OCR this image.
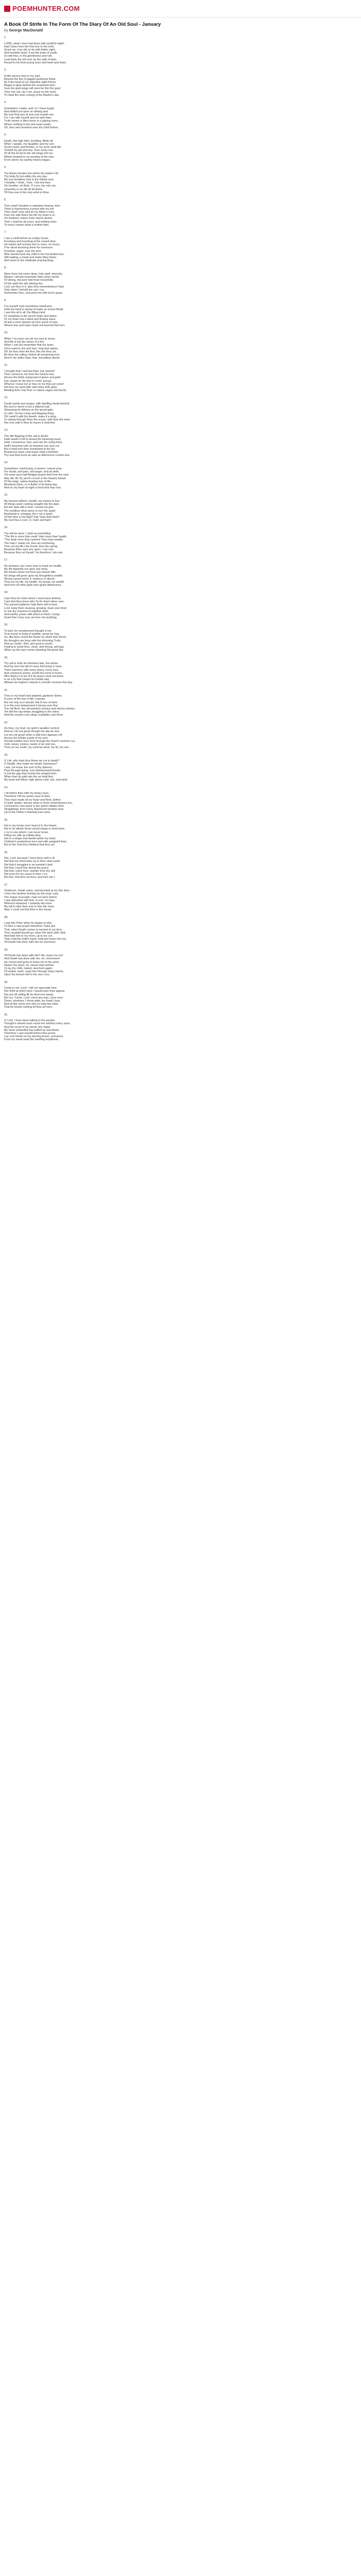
POEMHUNTER.COM
A Book Of Strife In The Form Of The Diary Of An Old Soul - January
by George MacDonald
1.
LORD, what I once had done with youthful might,
Had I been from the first true to the truth,
Grant me, now old, to do with better sight,
And humbler heart, if not the brain of youth;
So wilt thou, in thy gentleness and ruth,
Lead back thy old soul, by the path of pain,
Round to his best-young eyes and heart and brain.
2.
A dim aurora rises in my east,
Beyond the line of jagged quietness flows,
As if the head of our intended night Prince
Began to glow behind the unopened door:
Sure the gold wings will soon be thin the gray!
They rise not. Up I rise, press on the more,
To meet the slow coming of the Master's day.
3.
Sometimes I wake, and, lo! I have forgot,
And drifted out upon an ebbing sea!
My soul that was at rest now resteth not,
For I am with myself and not with thee;
Truth seems a blind moon in a glaring morn,
Where nothing is but sick-heart vanity;
Oh, thou who knowest save thy child forlorn.
4.
Death, like high faith, levelling, lifteth all.
When I awake, my daughter and my son,
Grown sister and brother, in my arms shall fall,
Tenfold my girl and boy. Sure every one
Of all the brood to the old wings will run.
Whole-hearted is my worship of the man
From whom my earthly history began.
5.
Thy fishes breathe but where thy waters roll;
Thy birds fly but within thy airy sea;
My soul breathes only in thy infinite soul;
I breathe, I think, I love, I live but thee.
Oh breathe, oh think, O Love, live into me;
Unworthy is my life till all divine,
Till thou see in the only-what is thine.
6.
Then shall I breathe in sweetest sharing, then
Think in harmonious consort with my kin;
Then shall I love well all my father's men,
Feel one with theirs the life my heart is in,
Oh brothers! sisters holy! hearts divine!
Then I shall be all yours; and nothing mine-
To every human heart a mother-twin.
7.
I see a child before an empty house,
Knocking and knocking at the closed door;
He wakes dull echoes but no voice, no rouse,
If he stood knocking there for evermore.
A mother, angel, over the door
Who should have the child in her hot tenderness,
Still waiting, a meek and ready Mary Rose,
And seem to the obstinate praying thing.
8.
Were there but some deep, holy spell, whereby
Always I should remember thee-some words
Of strong, the poor bird most mournfully
Of the spirit fire still uttering thy-
Lord, we thou in it, take thou remembrance! hast
Only when I behold me can I cry,
Remember thou, and prick me with love's goad.
9.
If to myself! God sometimes interfluent-
Hold my hand in spring of water as mount Moab
I see him all in all, the lifting mind,
Or meadows in the secret miles and plains,
Or my heart has a deep and flowing wave,
At last a more fanned up from some of man,
Whose fear and hope reach out beyond their ken.
10.
When I no more can stir my soul to move,
And life is but the ashes of a fire;
When I can but remember that my heart
Once used to live and love, long and aspire,-
Oh, be thou then the first, the one thou art;
Be thou the calling, before all answering love,
And in me wake hope, fear, boundless desire.
11.
I thought that I had lost thee; but, behold!
Thou comest to me from the horizon low,
Across the fields outspread of green and gold-
Fair carpet for thy feet to come and go.
Whence I know not or how on me thou art come!
Not less my spirit with calm bliss doth glow,
Meeting thee only thus, in nature vague and dumb.
12.
Doubt swells and surges, with dwelling doubt behind!
My soul in storm is but a tattered sail,
Streaming its ribbons on the tarred gale;
In calm, 'tis but a limp and flapping thing:
Oh! swell it with thy breath; make it a wing,-
To sweep through thine the ocean, with thee the wind
Nor rest until in thee its haven it shall find.
13.
The idle flapping of the sail is doubt;
Faith swells it full to breast the birsening wave.
Hold, conscience, fast, and rule the ruling helm,
Self's hovering rush no tempest can rave out.
But it shall toss thee homeward to thy kin;
Boisterous wave ronk tester shall o'erwhelm
Thy sea-float burst as safe as field-borne rocked sins.
14.
Sometimes, hard-trying, it seems I cannot pray-
For doubt, and pain, and anger, and all strife.
Yet some poor half-fledged prayer-bird from the nest
May fall, flit, fly, perch-crouch in the bowery breast
Of the large, nation-healing tree of life;-
Moveless there, or in flutter of its flying day,
And on my heart at night a fresh bird may rest.
15.
My harvest withers. Health, my means to live-
All things seem rushing straight into the dark.
But the dark still is God. I would not give
The smallest silver piece to turn the spark
Backward or unhappy. Am I not a spark
Of him who is the light?-Fair hope doth flash!
My God has a cure, O, hush and hark!
16.
Thy will be done. I yield up everything.
"The life is more than meat"-then more than health;
"The body more than raiment"-then than wealth;
The hairs I made not, thou art numbering.
Thou art my life-I the brook, thou the spring.
Because thine eyes are open, I can rest,
Because thou art thyself, 'tis therefore I am rest.
17.
No sickness can come near to feast my health;
My life depends not upon any meal,
My bread comes not from any human tilth,
No wings will grow upon my thoughtless wealth;
Wrong cannot touch it, violence or deceit;
Thou art my life, my health, my bread, my wealth
And from all other gods thou grant deliverance.
18.
Care thou for mine whom I must leave behind;
Care that they know who 'tis for them takes care;
Thy present patience help them still to bear;
Lord, keep them clearing, growing, heart and mind;
In one thy oneness to together bind;
And earthly power with which to them I clung-
Grant that I love now, we love not anything.
19.
To-well, for unredeemed thought is ine,
True house to build of stubble, wood nor hay;
So, like bees round the flower by which they thrive,
My thoughts are busy with the informing Truth,
And as I build, I find, and grow in youth-
Hoping to avoid fires, clean, and strong, and gay,
When up the east comes dawning His great day.
20.
Thy will is truth-'tis therefore fate, the whole-
And thy love the will of every full loving to have
Them harmony with every artery, every soul,
And conscious power, would but come to know.
Who thinks it to be of it his grace must not know-
Is as a fly that creeps his foolish way
Athwart an engine's wheels in smooth revolves this day.
21.
Thou in my heart hast planted, gardener divine,
A scion of the tree of life: it grows;
But not only as it should: this ill one of mine
Is in the sore betweenest if stormy ever fine
The old flesh, the old wonted contrary and stormy whines
Yet still the sap keeps struggling to the shine,
And the unseen root clings cramplike unto thine.
22.
Do thou, my God, my spirit's weather control;
And as I do not groan though the day be dun,
Let me not groan when a wild burn appears roll
Across the infinite sands of my soul-
Should sudden burn from through the heart's summer run,
Cold, weary, joyless, waste of air and sun,
Thou art my south, my summer-wind, my all, my one.
23.
O Life, why dost thou throw me out to death?
O Health, why make me inhalic heaviness?
I ask, yet know: the sum of thy distress,
Pass through dying, sure disinterested breath,
Is but the gap that rounds the winged form,
When than its path into the air shall find,
My heart will follow, high above cold, rain, and wind.
24.
I sit before thee with my weary eyes;
Therefore I lift my weary eyes to thee,
Thou hast made all my heart and flesh, before
I'll wait! awake, knocks when in thine remembrance too;
Conscience runs quick to the spirit's hidden door.
Straightway, from every depressed window sees
Up to the Father's listening ears arise.
25.
Not in my lonely soul I learn'd it, first Heart;
Not in its infinite forms would shape or bend thee;
I cry to one whom I can never know,
Filling me with an infinite idea:
Not in a shape that dwells within my heart,
Clothed in pretentious love and with assigned thee,
But to the God thou thinkest that thou art.
26.
Not, Lord, because I have done well or ill;
Not that my mind looks up to thee clear-eyed;
Not that it struggles in an eremite's bed;
Not that I need fear denial thy grace;
Not that I were here, wander from thy will;
Not even for my cause to thee I cry,
But this, that thou art thou, and here am I.
27.
Yestereve, Death came, and knocked at my thin door.
I from the window looking out the long I saw,
The shape unusually I had not seen before.
I was disturbed with fear, in sort, not awe;
Whereof ashamed, I instantly did more
My will to take thee only to fear the more.
Alas! I could not find thee in the house.
28.
I was like Peter when he began to sink,
To thee a new prayer therefore I have got-
That, when Death comes in earnest to my door,
Thou wouldst thyself go, when the latch doth clink,
And lead him to my room, up to my cot;
Then hold thy child's hand, hold and leave him not,
Till Death has done with him for evermore.
29.
Till Death has done with him?-Ah, leave me not!
And Death has done with me, oh, nevermore!
He comes-and goes-to leave me in thy arms,
Nearer thy heart, oh, nearer than before!
To lay thy child, naked, new-born-again
Of mother earth, crept free through many harms,
Upon thy bosom-still to the very core.
30.
Come to me, Lord: I will not speculate how,
Nor think at which door I would have thee appear,
Nor put off calling till my floors be swept,
But cry, 'Come, Lord, come any way, come now.'
Doors, windows, I throw wide; my head I bow,
And sit like some one who so long has slept
That he knows nothing till thou art here.
31.
O Lord, I have been talking to the people;
Thought's wheels have round me whirled a fiery zone,
And the recoil of my words' airy ripple
My heart unheedful has puffed up and blown.
Therefore I cast myself before thee prone:
Lay cool hands on my burning brows, and press
From my weak heart the swelling emptiness.
